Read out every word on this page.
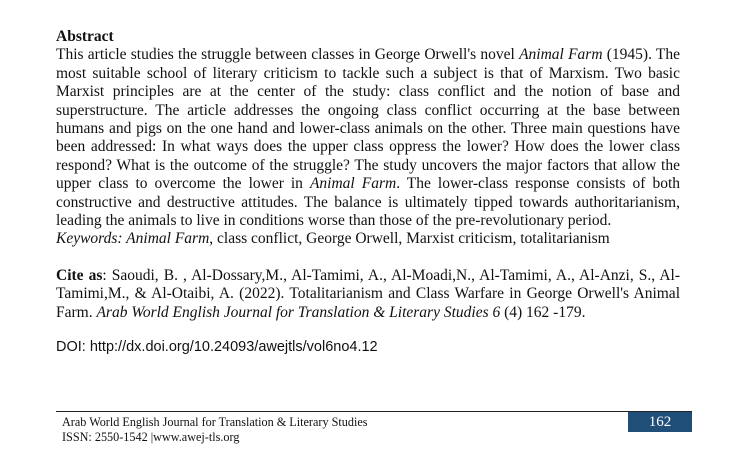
Abstract

This article studies the struggle between classes in George Orwell's novel Animal Farm (1945). The most suitable school of literary criticism to tackle such a subject is that of Marxism. Two basic Marxist principles are at the center of the study: class conflict and the notion of base and superstructure. The article addresses the ongoing class conflict occurring at the base between humans and pigs on the one hand and lower-class animals on the other. Three main questions have been addressed: In what ways does the upper class oppress the lower? How does the lower class respond? What is the outcome of the struggle? The study uncovers the major factors that allow the upper class to overcome the lower in Animal Farm. The lower-class response consists of both constructive and destructive attitudes. The balance is ultimately tipped towards authoritarianism, leading the animals to live in conditions worse than those of the pre-revolutionary period.

Keywords: Animal Farm, class conflict, George Orwell, Marxist criticism, totalitarianism

Cite as: Saoudi, B. , Al-Dossary,M., Al-Tamimi, A., Al-Moadi,N., Al-Tamimi, A., Al-Anzi, S., Al-Tamimi,M., & Al-Otaibi, A. (2022). Totalitarianism and Class Warfare in George Orwell's Animal Farm. Arab World English Journal for Translation & Literary Studies 6 (4) 162 -179.

DOI: http://dx.doi.org/10.24093/awejtls/vol6no4.12

Arab World English Journal for Translation & Literary Studies
ISSN: 2550-1542 |www.awej-tls.org
162
